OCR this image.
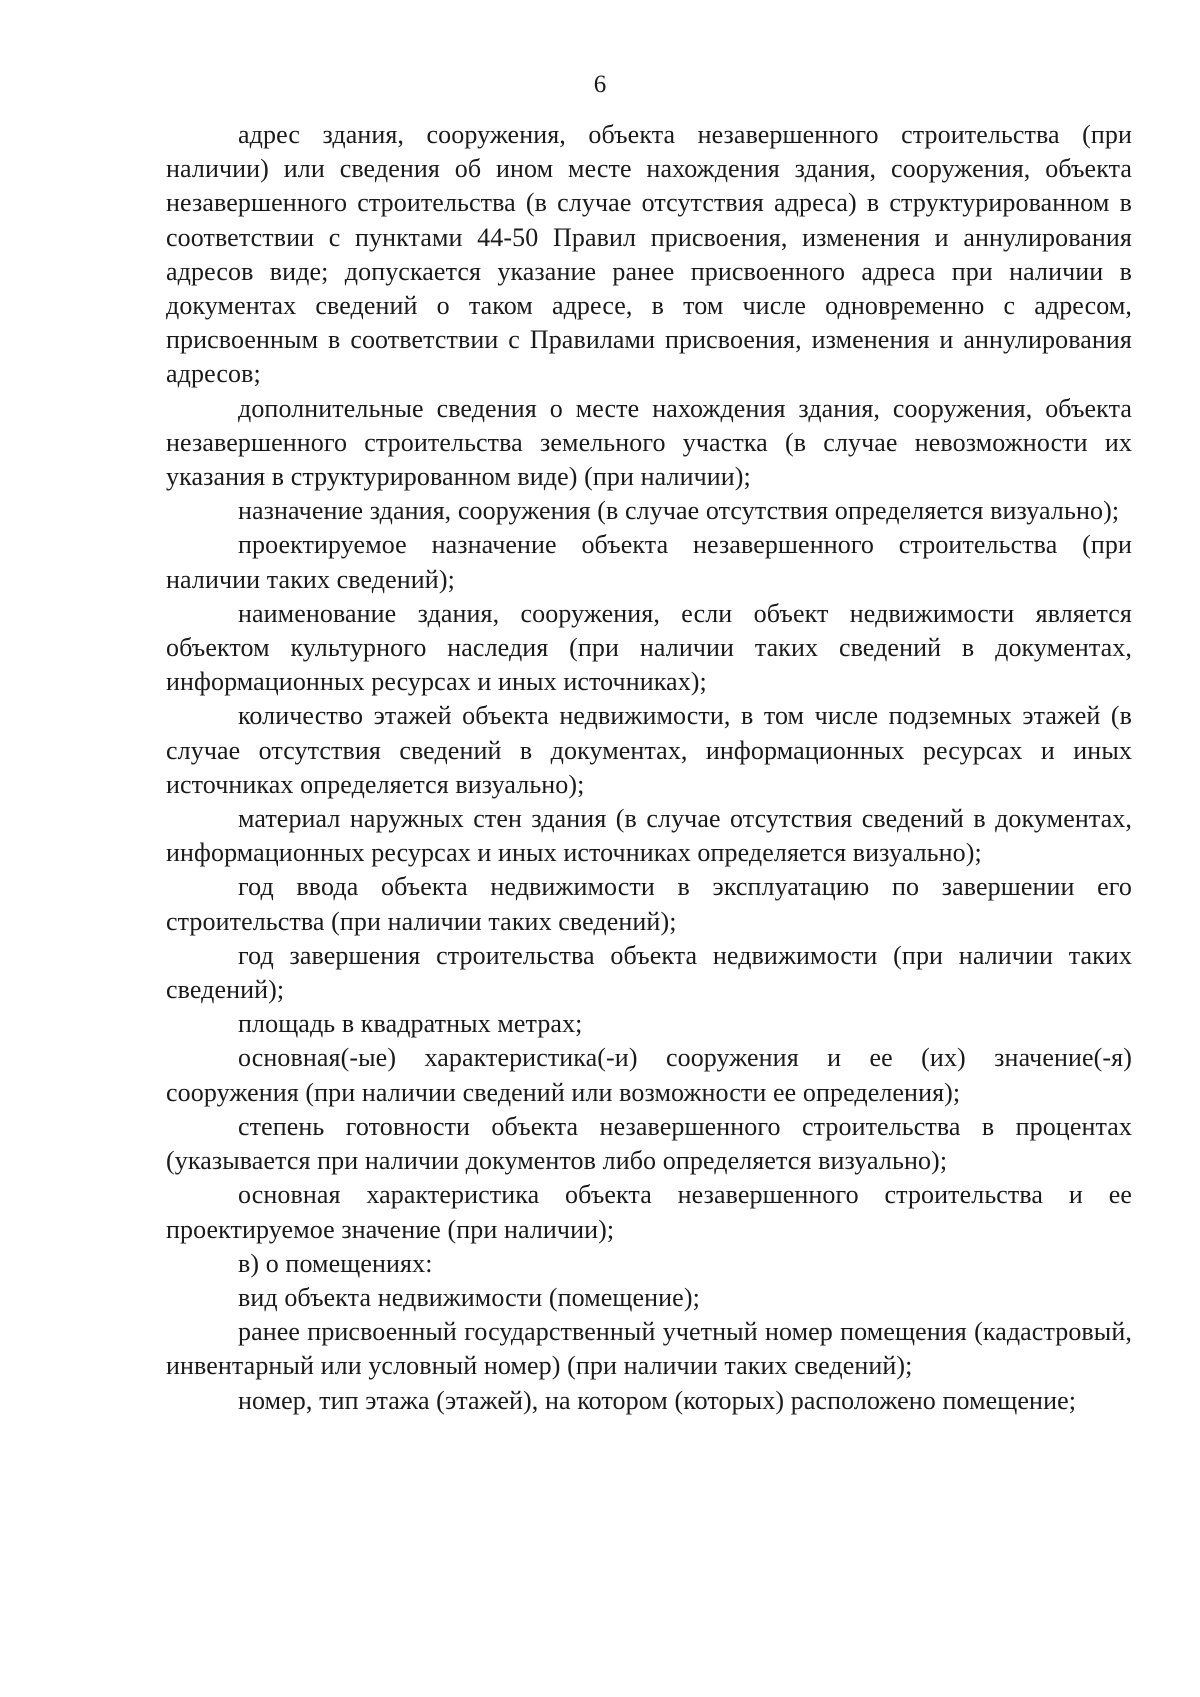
6

адрес здания, сооружения, объекта незавершенного строительства (при наличии) или сведения об ином месте нахождения здания, сооружения, объекта незавершенного строительства (в случае отсутствия адреса) в структурированном в соответствии с пунктами 44-50 Правил присвоения, изменения и аннулирования адресов виде; допускается указание ранее присвоенного адреса при наличии в документах сведений о таком адресе, в том числе одновременно с адресом, присвоенным в соответствии с Правилами присвоения, изменения и аннулирования адресов;

дополнительные сведения о месте нахождения здания, сооружения, объекта незавершенного строительства земельного участка (в случае невозможности их указания в структурированном виде) (при наличии);

назначение здания, сооружения (в случае отсутствия определяется визуально);

проектируемое назначение объекта незавершенного строительства (при наличии таких сведений);

наименование здания, сооружения, если объект недвижимости является объектом культурного наследия (при наличии таких сведений в документах, информационных ресурсах и иных источниках);

количество этажей объекта недвижимости, в том числе подземных этажей (в случае отсутствия сведений в документах, информационных ресурсах и иных источниках определяется визуально);

материал наружных стен здания (в случае отсутствия сведений в документах, информационных ресурсах и иных источниках определяется визуально);

год ввода объекта недвижимости в эксплуатацию по завершении его строительства (при наличии таких сведений);

год завершения строительства объекта недвижимости (при наличии таких сведений);

площадь в квадратных метрах;

основная(-ые) характеристика(-и) сооружения и ее (их) значение(-я) сооружения (при наличии сведений или возможности ее определения);

степень готовности объекта незавершенного строительства в процентах (указывается при наличии документов либо определяется визуально);

основная характеристика объекта незавершенного строительства и ее проектируемое значение (при наличии);

в) о помещениях:

вид объекта недвижимости (помещение);

ранее присвоенный государственный учетный номер помещения (кадастровый, инвентарный или условный номер) (при наличии таких сведений);

номер, тип этажа (этажей), на котором (которых) расположено помещение;
